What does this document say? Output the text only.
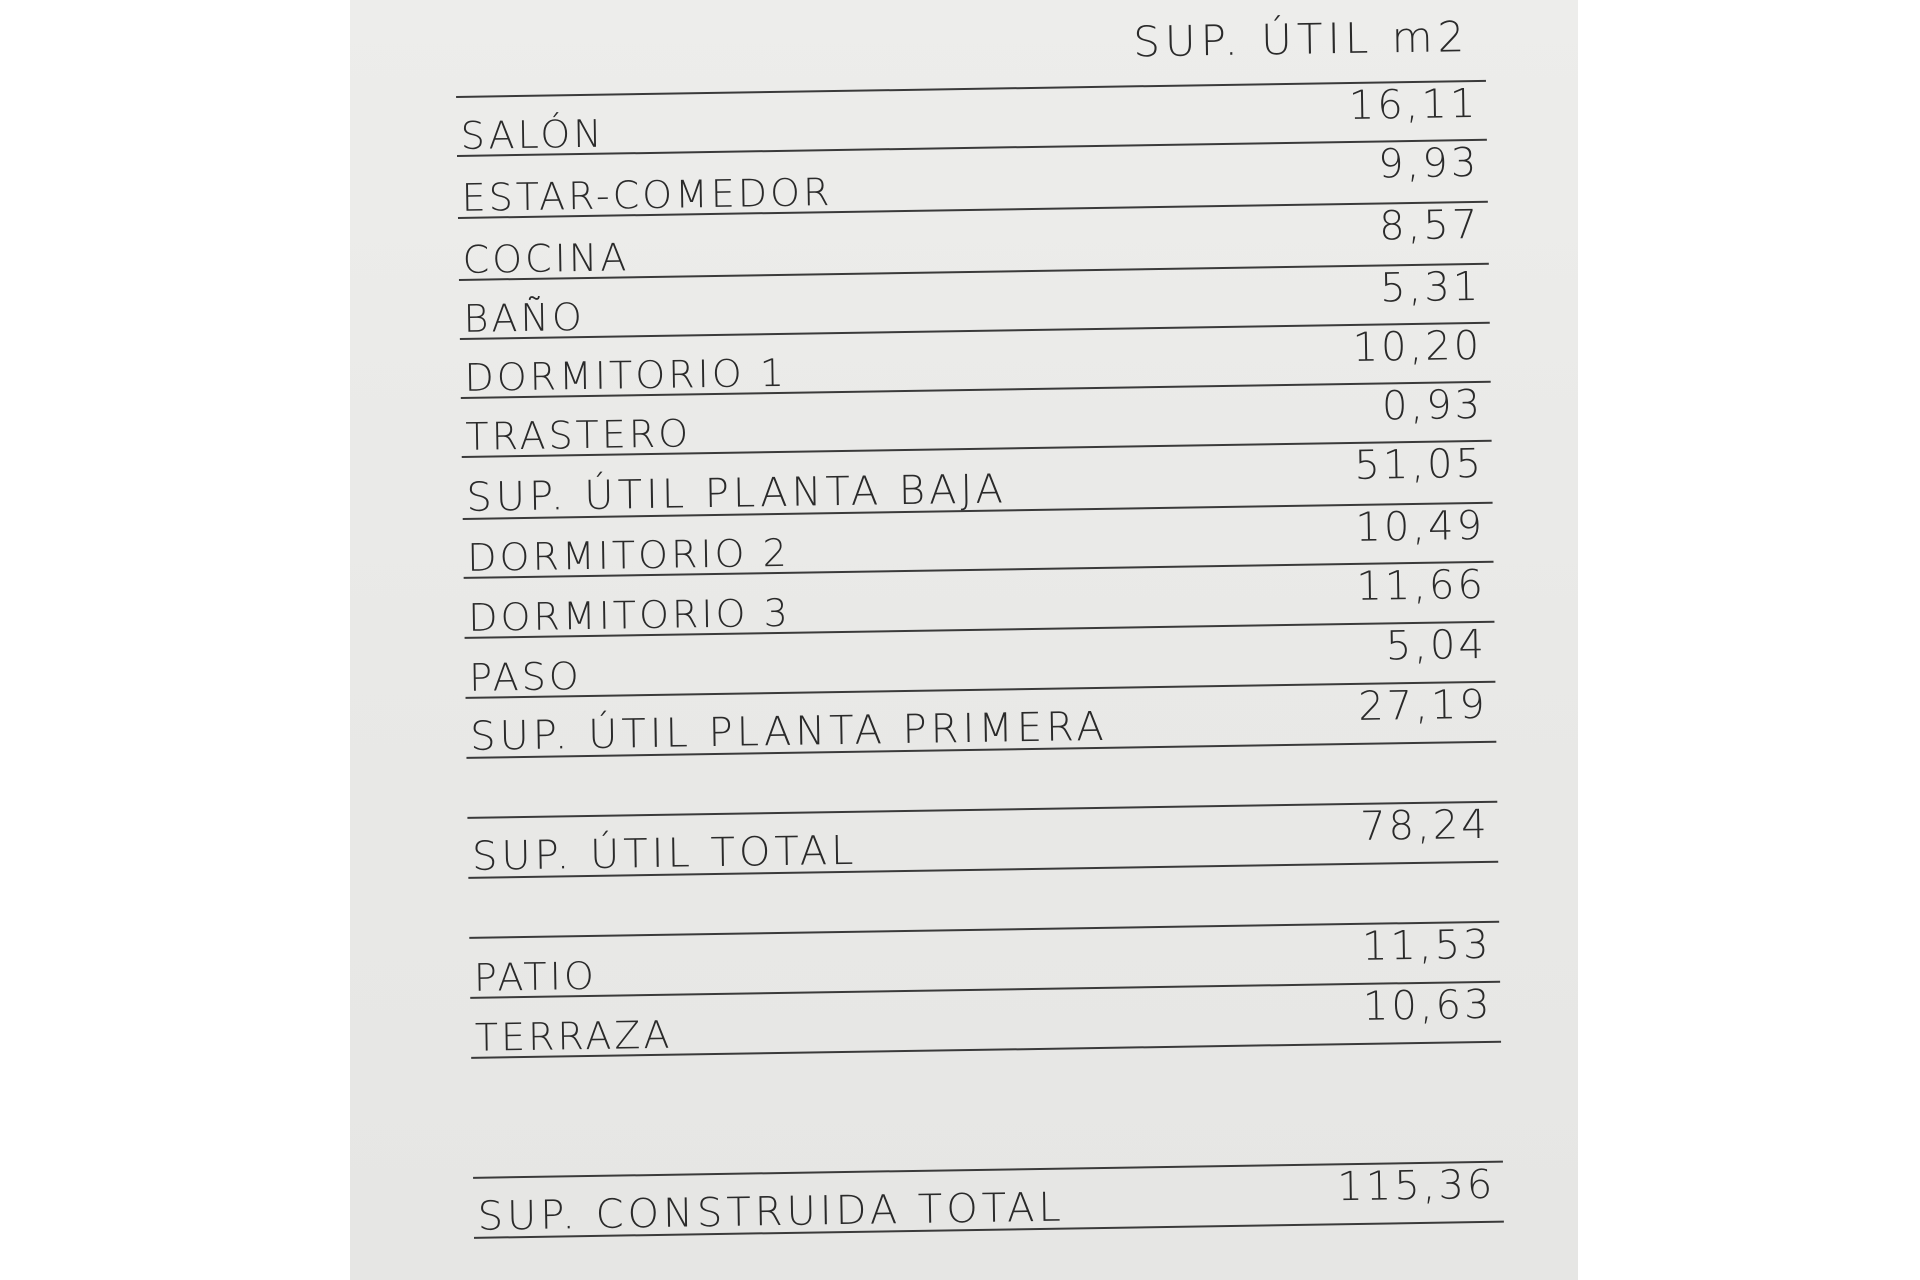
SUP. ÚTIL m2
SALÓN
16,11
ESTAR-COMEDOR
9,93
COCINA
8,57
BAÑO
5,31
DORMITORIO 1
10,20
TRASTERO
0,93
SUP. ÚTIL PLANTA BAJA
51,05
DORMITORIO 2
10,49
DORMITORIO 3
11,66
PASO
5,04
SUP. ÚTIL PLANTA PRIMERA	27,19
SUP. ÚTIL TOTAL
78,24
PATIO
11,53
TERRAZA
10,63
SUP. CONSTRUIDA TOTAL	115,36
